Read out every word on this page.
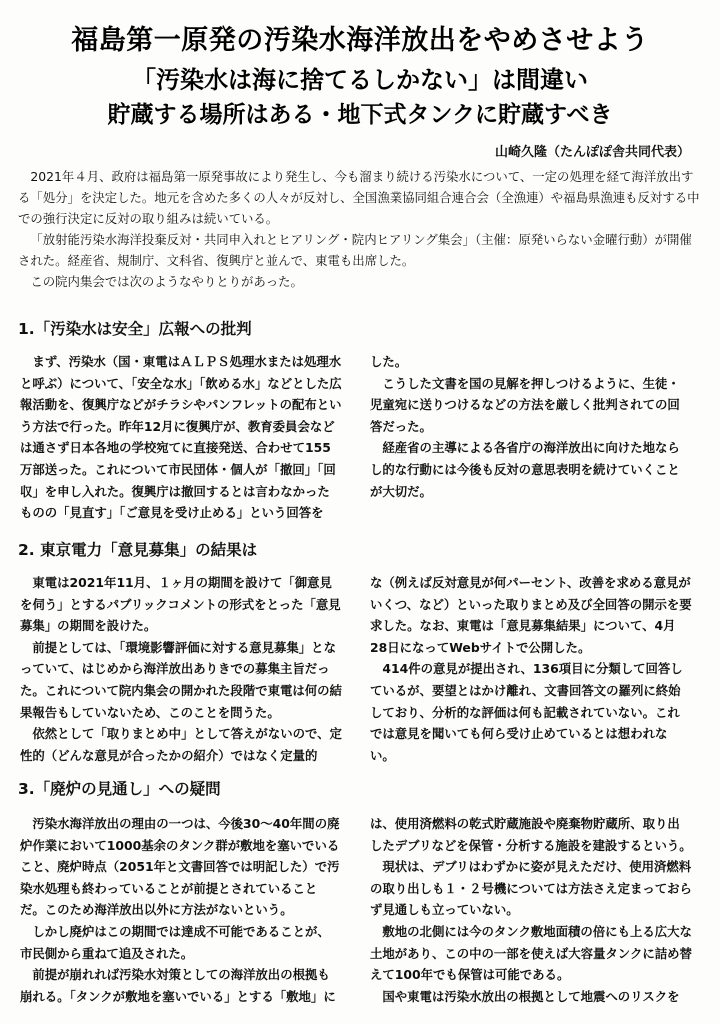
福島第一原発の汚染水海洋放出をやめさせよう
「汚染水は海に捨てるしかない」は間違い
貯蔵する場所はある・地下式タンクに貯蔵すべき
山崎久隆（たんぽぽ舎共同代表）

2021年４月、政府は福島第一原発事故により発生し、今も溜まり続ける汚染水について、一定の処理を経て海洋放出する「処分」を決定した。地元を含めた多くの人々が反対し、全国漁業協同組合連合会（全漁連）や福島県漁連も反対する中での強行決定に反対の取り組みは続いている。

「放射能汚染水海洋投棄反対・共同申入れとヒアリング・院内ヒアリング集会」（主催：原発いらない金曜行動）が開催された。経産省、規制庁、文科省、復興庁と並んで、東電も出席した。

この院内集会では次のようなやりとりがあった。

1.「汚染水は安全」広報への批判

まず、汚染水（国・東電はＡＬＰＳ処理水または処理水と呼ぶ）について、「安全な水」「飲める水」などとした広報活動を、復興庁などがチラシやパンフレットの配布という方法で行った。昨年12月に復興庁が、教育委員会などは通さず日本各地の学校宛てに直接発送、合わせて155万部送った。これについて市民団体・個人が「撤回」「回収」を申し入れた。復興庁は撤回するとは言わなかったものの「見直す」「ご意見を受け止める」という回答を

した。

こうした文書を国の見解を押しつけるように、生徒・児童宛に送りつけるなどの方法を厳しく批判されての回答だった。

経産省の主導による各省庁の海洋放出に向けた地ならし的な行動には今後も反対の意思表明を続けていくことが大切だ。

2. 東京電力「意見募集」の結果は

東電は2021年11月、１ヶ月の期間を設けて「御意見を伺う」とするパブリックコメントの形式をとった「意見募集」の期間を設けた。

前提としては、「環境影響評価に対する意見募集」となっていて、はじめから海洋放出ありきでの募集主旨だった。これについて院内集会の開かれた段階で東電は何の結果報告もしていないため、このことを問うた。

依然として「取りまとめ中」として答えがないので、定性的（どんな意見が合ったかの紹介）ではなく定量的

な（例えば反対意見が何パーセント、改善を求める意見がいくつ、など）といった取りまとめ及び全回答の開示を要求した。なお、東電は「意見募集結果」について、4月28日になってWebサイトで公開した。

414件の意見が提出され、136項目に分類して回答しているが、要望とはかけ離れ、文書回答文の羅列に終始しており、分析的な評価は何も記載されていない。これでは意見を聞いても何ら受け止めているとは想われない。

3.「廃炉の見通し」への疑問

汚染水海洋放出の理由の一つは、今後30～40年間の廃炉作業において1000基余のタンク群が敷地を塞いでいること、廃炉時点（2051年と文書回答では明記した）で汚染水処理も終わっていることが前提とされていることだ。このため海洋放出以外に方法がないという。

しかし廃炉はこの期間では達成不可能であることが、市民側から重ねて追及された。

前提が崩れれば汚染水対策としての海洋放出の根拠も崩れる。「タンクが敷地を塞いでいる」とする「敷地」に

は、使用済燃料の乾式貯蔵施設や廃棄物貯蔵所、取り出したデブリなどを保管・分析する施設を建設するという。

現状は、デブリはわずかに姿が見えただけ、使用済燃料の取り出しも１・２号機については方法さえ定まっておらず見通しも立っていない。

敷地の北側には今のタンク敷地面積の倍にも上る広大な土地があり、この中の一部を使えば大容量タンクに詰め替えて100年でも保管は可能である。

国や東電は汚染水放出の根拠として地震へのリスクを
